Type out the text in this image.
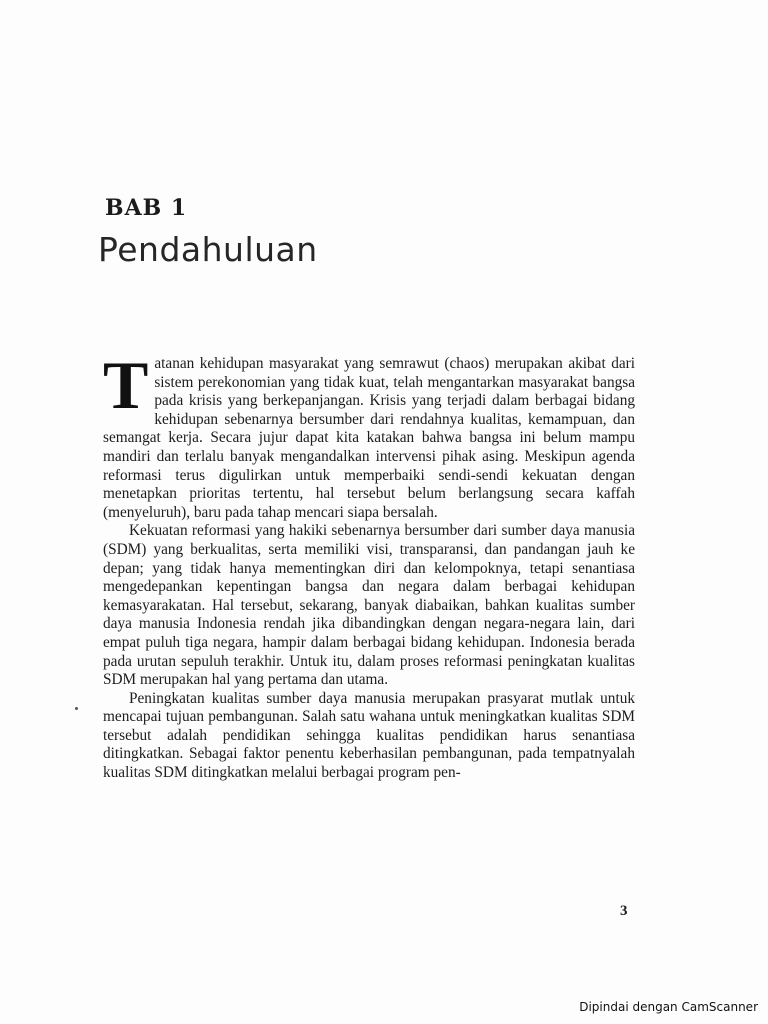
BAB 1
Pendahuluan

Tatanan kehidupan masyarakat yang semrawut (chaos) merupakan akibat dari sistem perekonomian yang tidak kuat, telah mengantarkan masyarakat bangsa pada krisis yang berkepanjangan. Krisis yang terjadi dalam berbagai bidang kehidupan sebenarnya bersumber dari rendahnya kualitas, kemampuan, dan semangat kerja. Secara jujur dapat kita katakan bahwa bangsa ini belum mampu mandiri dan terlalu banyak mengandalkan intervensi pihak asing. Meskipun agenda reformasi terus digulirkan untuk memperbaiki sendi-sendi kekuatan dengan menetapkan prioritas tertentu, hal tersebut belum berlangsung secara kaffah (menyeluruh), baru pada tahap mencari siapa bersalah.

Kekuatan reformasi yang hakiki sebenarnya bersumber dari sumber daya manusia (SDM) yang berkualitas, serta memiliki visi, transparansi, dan pandangan jauh ke depan; yang tidak hanya mementingkan diri dan kelompoknya, tetapi senantiasa mengedepankan kepentingan bangsa dan negara dalam berbagai kehidupan kemasyarakatan. Hal tersebut, sekarang, banyak diabaikan, bahkan kualitas sumber daya manusia Indonesia rendah jika dibandingkan dengan negara-negara lain, dari empat puluh tiga negara, hampir dalam berbagai bidang kehidupan. Indonesia berada pada urutan sepuluh terakhir. Untuk itu, dalam proses reformasi peningkatan kualitas SDM merupakan hal yang pertama dan utama.

Peningkatan kualitas sumber daya manusia merupakan prasyarat mutlak untuk mencapai tujuan pembangunan. Salah satu wahana untuk meningkatkan kualitas SDM tersebut adalah pendidikan sehingga kualitas pendidikan harus senantiasa ditingkatkan. Sebagai faktor penentu keberhasilan pembangunan, pada tempatnyalah kualitas SDM ditingkatkan melalui berbagai program pen-

3
Dipindai dengan CamScanner
